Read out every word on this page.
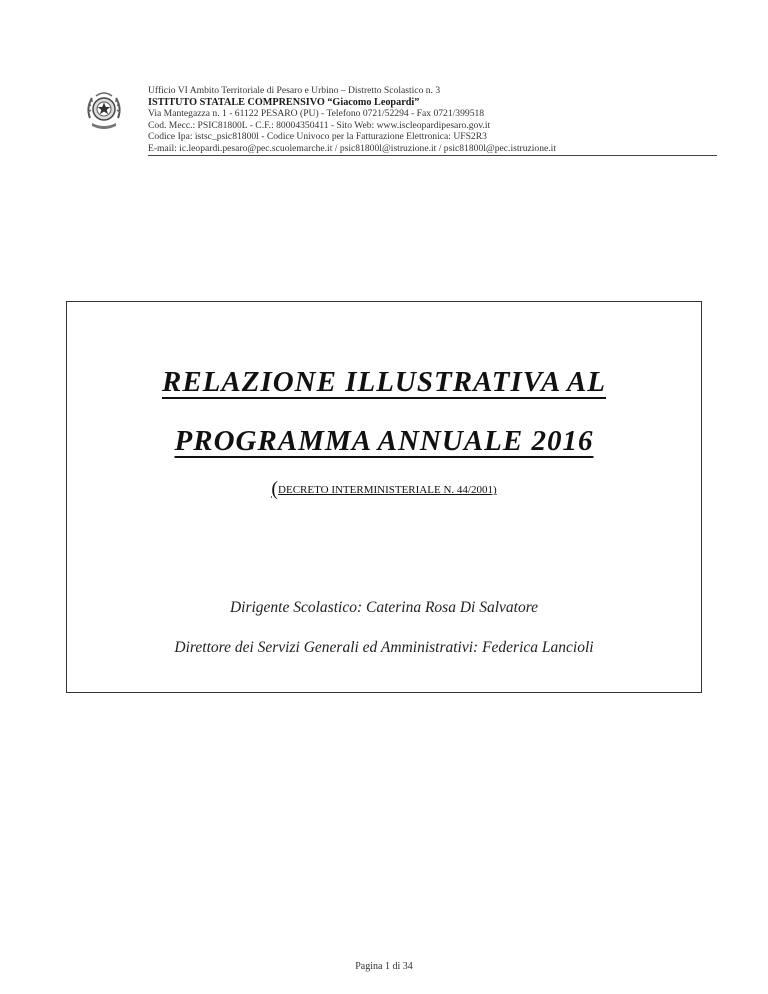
Ufficio VI Ambito Territoriale di Pesaro e Urbino – Distretto Scolastico n. 3
ISTITUTO STATALE COMPRENSIVO “Giacomo Leopardi”
Via Mantegazza n. 1 - 61122 PESARO (PU) - Telefono 0721/52294 - Fax 0721/399518
Cod. Mecc.: PSIC81800L - C.F.: 80004350411 - Sito Web: www.iscleopardipesaro.gov.it
Codice Ipa: istsc_psic81800l - Codice Univoco per la Fatturazione Elettronica: UFS2R3
E-mail: ic.leopardi.pesaro@pec.scuolemarche.it / psic81800l@istruzione.it / psic81800l@pec.istruzione.it
RELAZIONE ILLUSTRATIVA AL
PROGRAMMA ANNUALE 2016
(DECRETO INTERMINISTERIALE N. 44/2001)
Dirigente Scolastico: Caterina Rosa Di Salvatore
Direttore dei Servizi Generali ed Amministrativi: Federica Lancioli
Pagina 1 di 34
